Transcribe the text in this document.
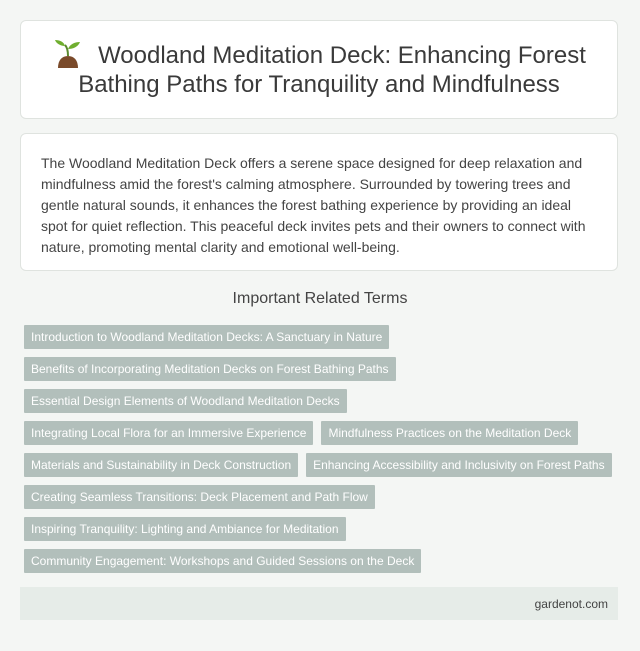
Woodland Meditation Deck: Enhancing Forest Bathing Paths for Tranquility and Mindfulness

The Woodland Meditation Deck offers a serene space designed for deep relaxation and mindfulness amid the forest's calming atmosphere. Surrounded by towering trees and gentle natural sounds, it enhances the forest bathing experience by providing an ideal spot for quiet reflection. This peaceful deck invites pets and their owners to connect with nature, promoting mental clarity and emotional well-being.

Important Related Terms
Introduction to Woodland Meditation Decks: A Sanctuary in Nature
Benefits of Incorporating Meditation Decks on Forest Bathing Paths
Essential Design Elements of Woodland Meditation Decks
Integrating Local Flora for an Immersive Experience	Mindfulness Practices on the Meditation Deck
Materials and Sustainability in Deck Construction	Enhancing Accessibility and Inclusivity on Forest Paths
Creating Seamless Transitions: Deck Placement and Path Flow
Inspiring Tranquility: Lighting and Ambiance for Meditation
Community Engagement: Workshops and Guided Sessions on the Deck
gardenot.com
